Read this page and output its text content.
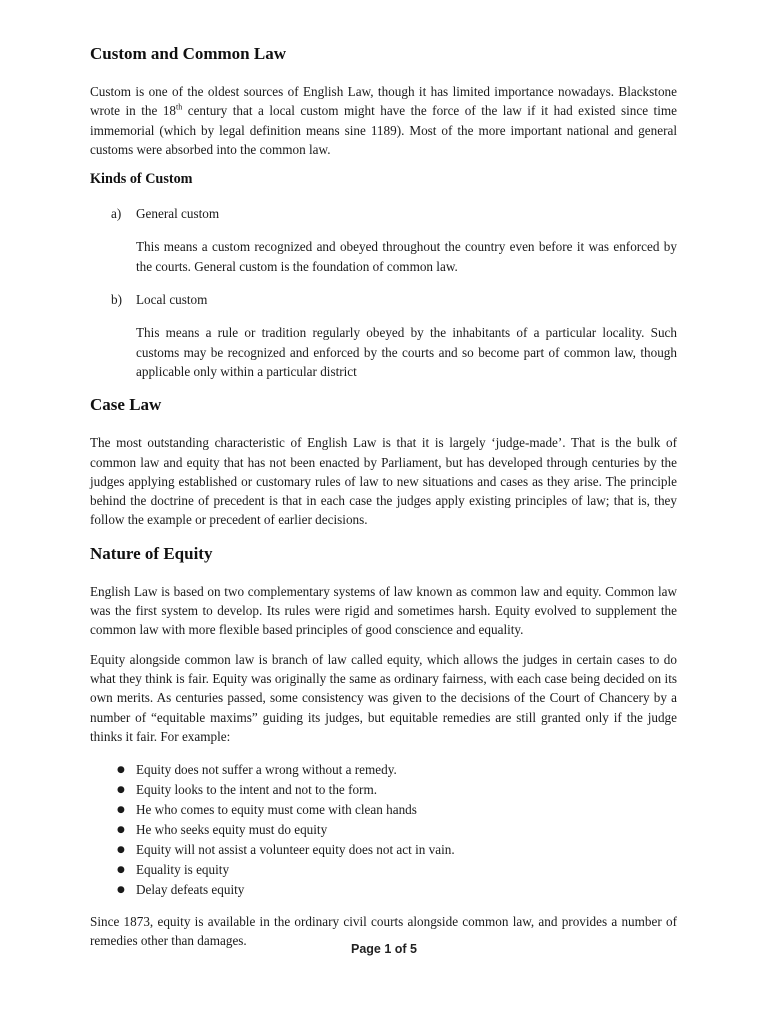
Custom and Common Law

Custom is one of the oldest sources of English Law, though it has limited importance nowadays. Blackstone wrote in the 18th century that a local custom might have the force of the law if it had existed since time immemorial (which by legal definition means sine 1189). Most of the more important national and general customs were absorbed into the common law.

Kinds of Custom
a)	General custom

This means a custom recognized and obeyed throughout the country even before it was enforced by the courts. General custom is the foundation of common law.

b)	Local custom

This means a rule or tradition regularly obeyed by the inhabitants of a particular locality. Such customs may be recognized and enforced by the courts and so become part of common law, though applicable only within a particular district

Case Law

The most outstanding characteristic of English Law is that it is largely ‘judge-made’. That is the bulk of common law and equity that has not been enacted by Parliament, but has developed through centuries by the judges applying established or customary rules of law to new situations and cases as they arise. The principle behind the doctrine of precedent is that in each case the judges apply existing principles of law; that is, they follow the example or precedent of earlier decisions.

Nature of Equity

English Law is based on two complementary systems of law known as common law and equity. Common law was the first system to develop. Its rules were rigid and sometimes harsh. Equity evolved to supplement the common law with more flexible based principles of good conscience and equality.

Equity alongside common law is branch of law called equity, which allows the judges in certain cases to do what they think is fair. Equity was originally the same as ordinary fairness, with each case being decided on its own merits. As centuries passed, some consistency was given to the decisions of the Court of Chancery by a number of “equitable maxims” guiding its judges, but equitable remedies are still granted only if the judge thinks it fair. For example:

● Equity does not suffer a wrong without a remedy.
● Equity looks to the intent and not to the form.
● He who comes to equity must come with clean hands
● He who seeks equity must do equity
● Equity will not assist a volunteer equity does not act in vain.
● Equality is equity
● Delay defeats equity

Since 1873, equity is available in the ordinary civil courts alongside common law, and provides a number of remedies other than damages.

Page 1 of 5
